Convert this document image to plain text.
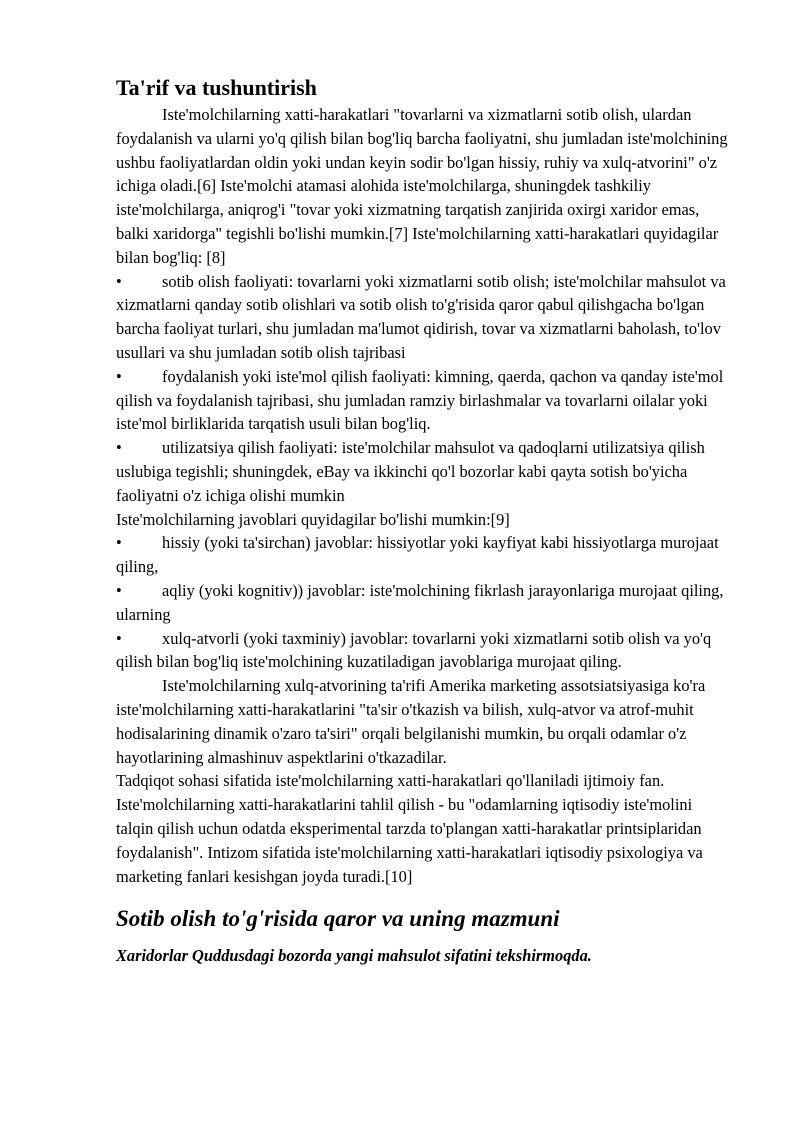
Ta'rif va tushuntirish

Iste'molchilarning xatti-harakatlari "tovarlarni va xizmatlarni sotib olish, ulardan foydalanish va ularni yo'q qilish bilan bog'liq barcha faoliyatni, shu jumladan iste'molchining ushbu faoliyatlardan oldin yoki undan keyin sodir bo'lgan hissiy, ruhiy va xulq-atvorini" o'z ichiga oladi.[6] Iste'molchi atamasi alohida iste'molchilarga, shuningdek tashkiliy iste'molchilarga, aniqrog'i "tovar yoki xizmatning tarqatish zanjirida oxirgi xaridor emas, balki xaridorga" tegishli bo'lishi mumkin.[7] Iste'molchilarning xatti-harakatlari quyidagilar bilan bog'liq: [8]

• sotib olish faoliyati: tovarlarni yoki xizmatlarni sotib olish; iste'molchilar mahsulot va xizmatlarni qanday sotib olishlari va sotib olish to'g'risida qaror qabul qilishgacha bo'lgan barcha faoliyat turlari, shu jumladan ma'lumot qidirish, tovar va xizmatlarni baholash, to'lov usullari va shu jumladan sotib olish tajribasi

• foydalanish yoki iste'mol qilish faoliyati: kimning, qaerda, qachon va qanday iste'mol qilish va foydalanish tajribasi, shu jumladan ramziy birlashmalar va tovarlarni oilalar yoki iste'mol birliklarida tarqatish usuli bilan bog'liq.

• utilizatsiya qilish faoliyati: iste'molchilar mahsulot va qadoqlarni utilizatsiya qilish uslubiga tegishli; shuningdek, eBay va ikkinchi qo'l bozorlar kabi qayta sotish bo'yicha faoliyatni o'z ichiga olishi mumkin

Iste'molchilarning javoblari quyidagilar bo'lishi mumkin:[9]

• hissiy (yoki ta'sirchan) javoblar: hissiyotlar yoki kayfiyat kabi hissiyotlarga murojaat qiling,

• aqliy (yoki kognitiv)) javoblar: iste'molchining fikrlash jarayonlariga murojaat qiling, ularning

• xulq-atvorli (yoki taxminiy) javoblar: tovarlarni yoki xizmatlarni sotib olish va yo'q qilish bilan bog'liq iste'molchining kuzatiladigan javoblariga murojaat qiling.

Iste'molchilarning xulq-atvorining ta'rifi Amerika marketing assotsiatsiyasiga ko'ra iste'molchilarning xatti-harakatlarini "ta'sir o'tkazish va bilish, xulq-atvor va atrof-muhit hodisalarining dinamik o'zaro ta'siri" orqali belgilanishi mumkin, bu orqali odamlar o'z hayotlarining almashinuv aspektlarini o'tkazadilar.

Tadqiqot sohasi sifatida iste'molchilarning xatti-harakatlari qo'llaniladi ijtimoiy fan. Iste'molchilarning xatti-harakatlarini tahlil qilish - bu "odamlarning iqtisodiy iste'molini talqin qilish uchun odatda eksperimental tarzda to'plangan xatti-harakatlar printsiplaridan foydalanish". Intizom sifatida iste'molchilarning xatti-harakatlari iqtisodiy psixologiya va marketing fanlari kesishgan joyda turadi.[10]

Sotib olish to'g'risida qaror va uning mazmuni

Xaridorlar Quddusdagi bozorda yangi mahsulot sifatini tekshirmoqda.
